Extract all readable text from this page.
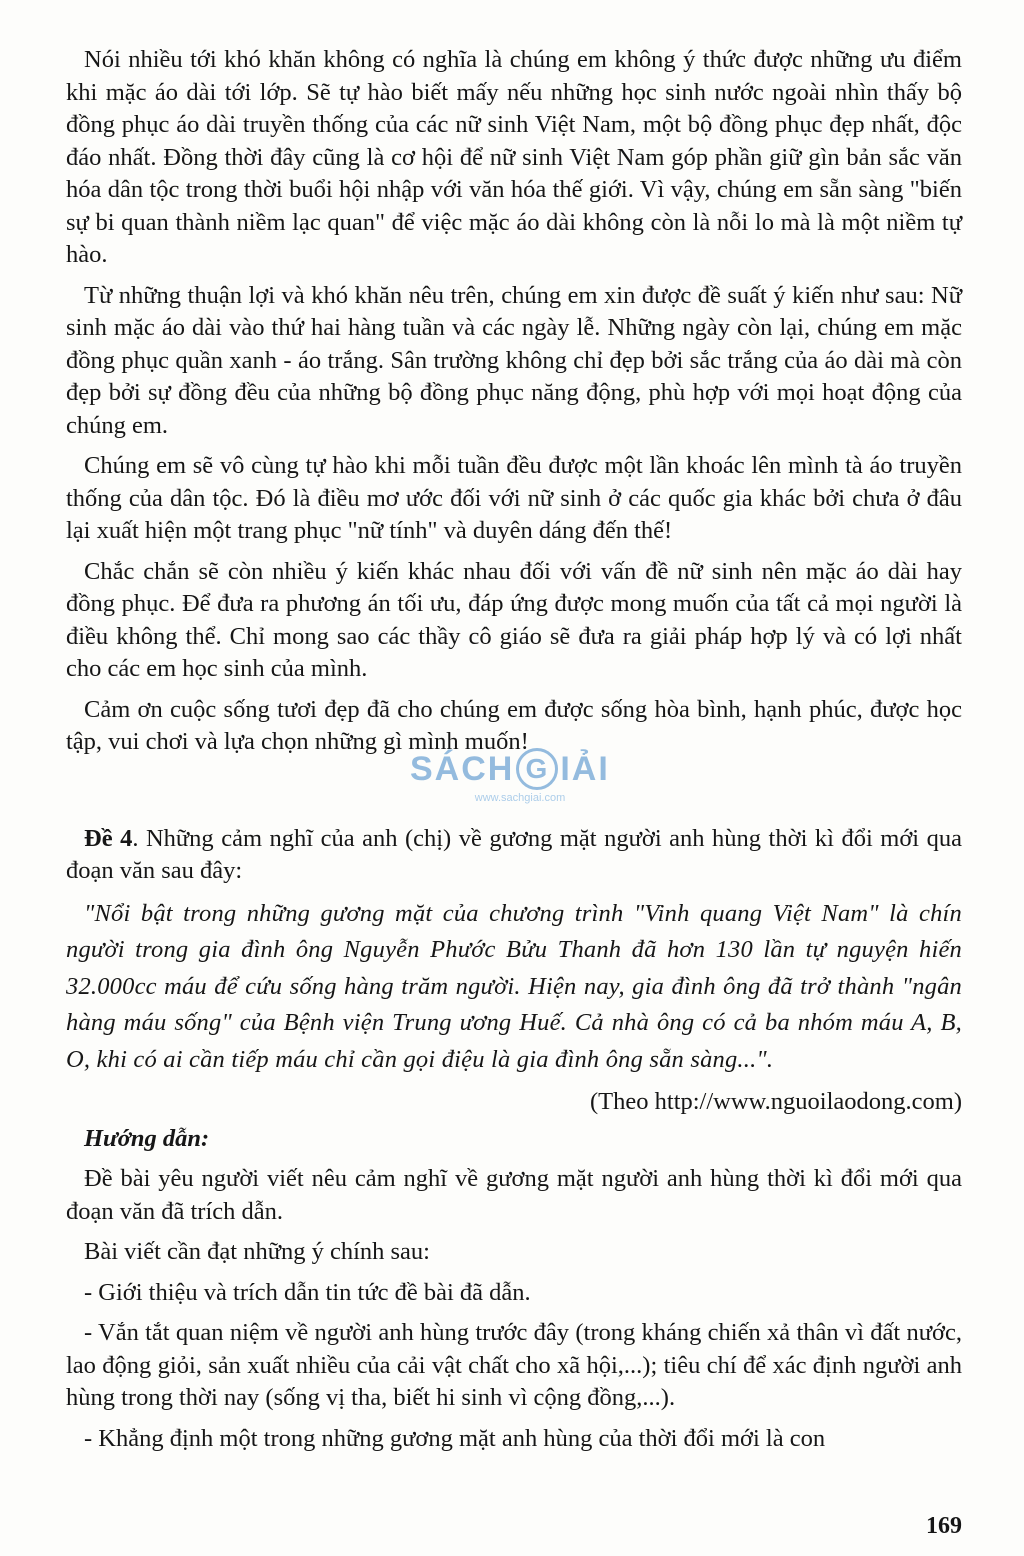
Nói nhiều tới khó khăn không có nghĩa là chúng em không ý thức được những ưu điểm khi mặc áo dài tới lớp. Sẽ tự hào biết mấy nếu những học sinh nước ngoài nhìn thấy bộ đồng phục áo dài truyền thống của các nữ sinh Việt Nam, một bộ đồng phục đẹp nhất, độc đáo nhất. Đồng thời đây cũng là cơ hội để nữ sinh Việt Nam góp phần giữ gìn bản sắc văn hóa dân tộc trong thời buổi hội nhập với văn hóa thế giới. Vì vậy, chúng em sẵn sàng "biến sự bi quan thành niềm lạc quan" để việc mặc áo dài không còn là nỗi lo mà là một niềm tự hào.

Từ những thuận lợi và khó khăn nêu trên, chúng em xin được đề suất ý kiến như sau: Nữ sinh mặc áo dài vào thứ hai hàng tuần và các ngày lễ. Những ngày còn lại, chúng em mặc đồng phục quần xanh - áo trắng. Sân trường không chỉ đẹp bởi sắc trắng của áo dài mà còn đẹp bởi sự đồng đều của những bộ đồng phục năng động, phù hợp với mọi hoạt động của chúng em.

Chúng em sẽ vô cùng tự hào khi mỗi tuần đều được một lần khoác lên mình tà áo truyền thống của dân tộc. Đó là điều mơ ước đối với nữ sinh ở các quốc gia khác bởi chưa ở đâu lại xuất hiện một trang phục "nữ tính" và duyên dáng đến thế!

Chắc chắn sẽ còn nhiều ý kiến khác nhau đối với vấn đề nữ sinh nên mặc áo dài hay đồng phục. Để đưa ra phương án tối ưu, đáp ứng được mong muốn của tất cả mọi người là điều không thể. Chỉ mong sao các thầy cô giáo sẽ đưa ra giải pháp hợp lý và có lợi nhất cho các em học sinh của mình.

Cảm ơn cuộc sống tươi đẹp đã cho chúng em được sống hòa bình, hạnh phúc, được học tập, vui chơi và lựa chọn những gì mình muốn!

Đề 4. Những cảm nghĩ của anh (chị) về gương mặt người anh hùng thời kì đổi mới qua đoạn văn sau đây:

"Nổi bật trong những gương mặt của chương trình "Vinh quang Việt Nam" là chín người trong gia đình ông Nguyễn Phước Bửu Thanh đã hơn 130 lần tự nguyện hiến 32.000cc máu để cứu sống hàng trăm người. Hiện nay, gia đình ông đã trở thành "ngân hàng máu sống" của Bệnh viện Trung ương Huế. Cả nhà ông có cả ba nhóm máu A, B, O, khi có ai cần tiếp máu chỉ cần gọi điệu là gia đình ông sẵn sàng...".

(Theo http://www.nguoilaodong.com)

Hướng dẫn:

Đề bài yêu người viết nêu cảm nghĩ về gương mặt người anh hùng thời kì đổi mới qua đoạn văn đã trích dẫn.

Bài viết cần đạt những ý chính sau:

- Giới thiệu và trích dẫn tin tức đề bài đã dẫn.

- Vắn tắt quan niệm về người anh hùng trước đây (trong kháng chiến xả thân vì đất nước, lao động giỏi, sản xuất nhiều của cải vật chất cho xã hội,...); tiêu chí để xác định người anh hùng trong thời nay (sống vị tha, biết hi sinh vì cộng đồng,...).

- Khẳng định một trong những gương mặt anh hùng của thời đổi mới là con

SÁCH G IẢI
www.sachgiai.com
169
